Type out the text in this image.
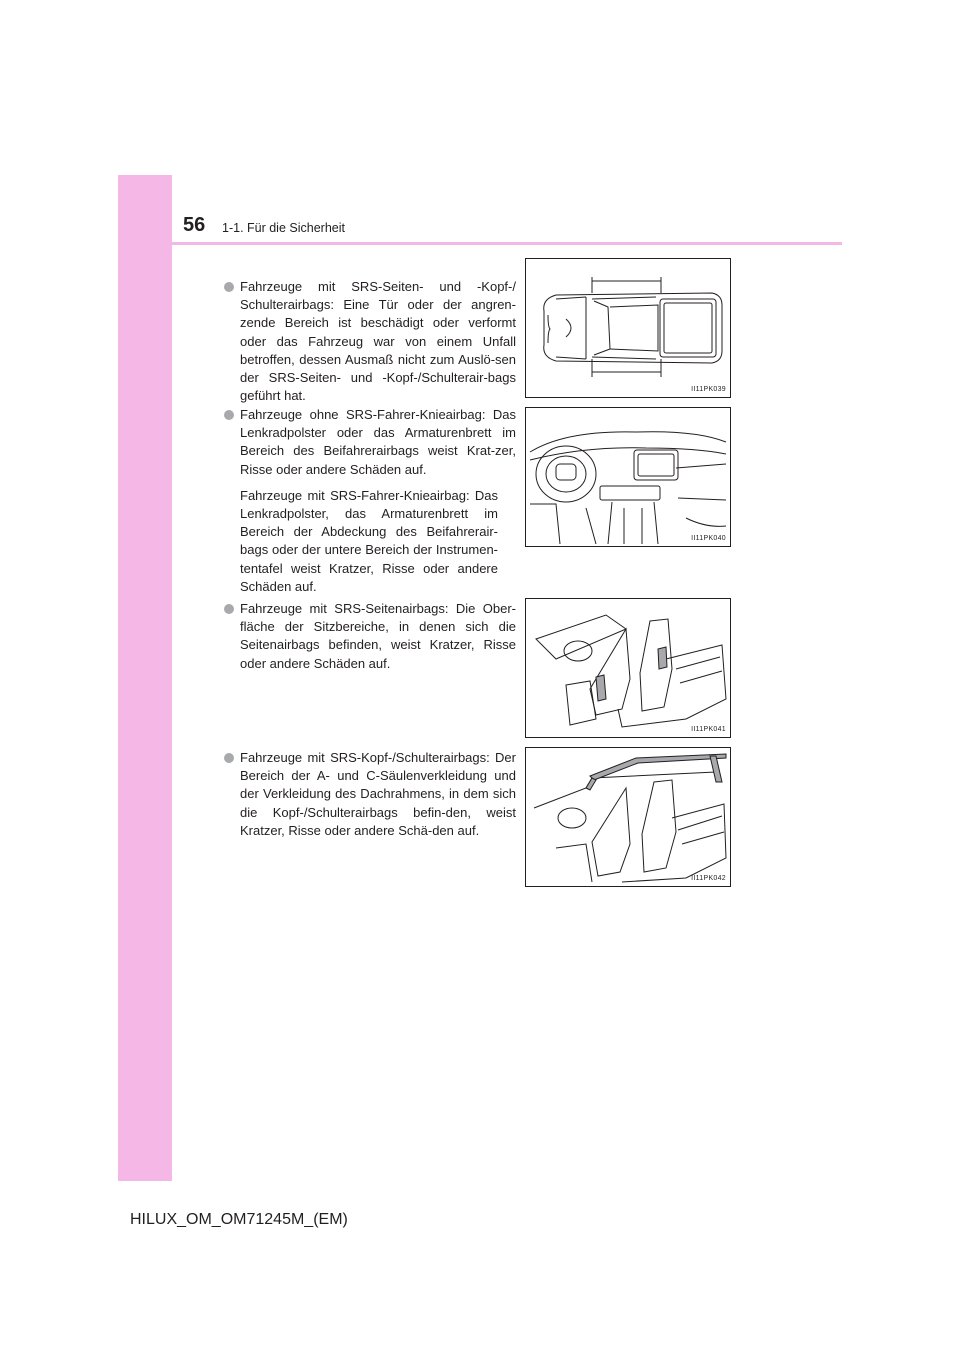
56 1-1. Für die Sicherheit
Fahrzeuge mit SRS-Seiten- und -Kopf-/ Schulterairbags: Eine Tür oder der angren-zende Bereich ist beschädigt oder verformt oder das Fahrzeug war von einem Unfall betroffen, dessen Ausmaß nicht zum Auslö-sen der SRS-Seiten- und -Kopf-/Schulterair-bags geführt hat.	II11PK039
Fahrzeuge ohne SRS-Fahrer-Knieairbag: Das Lenkradpolster oder das Armaturenbrett im Bereich des Beifahrerairbags weist Krat-zer, Risse oder andere Schäden auf.
Fahrzeuge mit SRS-Fahrer-Knieairbag: Das Lenkradpolster, das Armaturenbrett im Bereich der Abdeckung des Beifahrerair-bags oder der untere Bereich der Instrumen-tentafel weist Kratzer, Risse oder andere Schäden auf.
II11PK040
Fahrzeuge mit SRS-Seitenairbags: Die Ober-fläche der Sitzbereiche, in denen sich die Seitenairbags befinden, weist Kratzer, Risse oder andere Schäden auf.
II11PK041
Fahrzeuge mit SRS-Kopf-/Schulterairbags: Der Bereich der A- und C-Säulenverkleidung und der Verkleidung des Dachrahmens, in dem sich die Kopf-/Schulterairbags befin-den, weist Kratzer, Risse oder andere Schä-den auf.
II11PK042
HILUX_OM_OM71245M_(EM)
